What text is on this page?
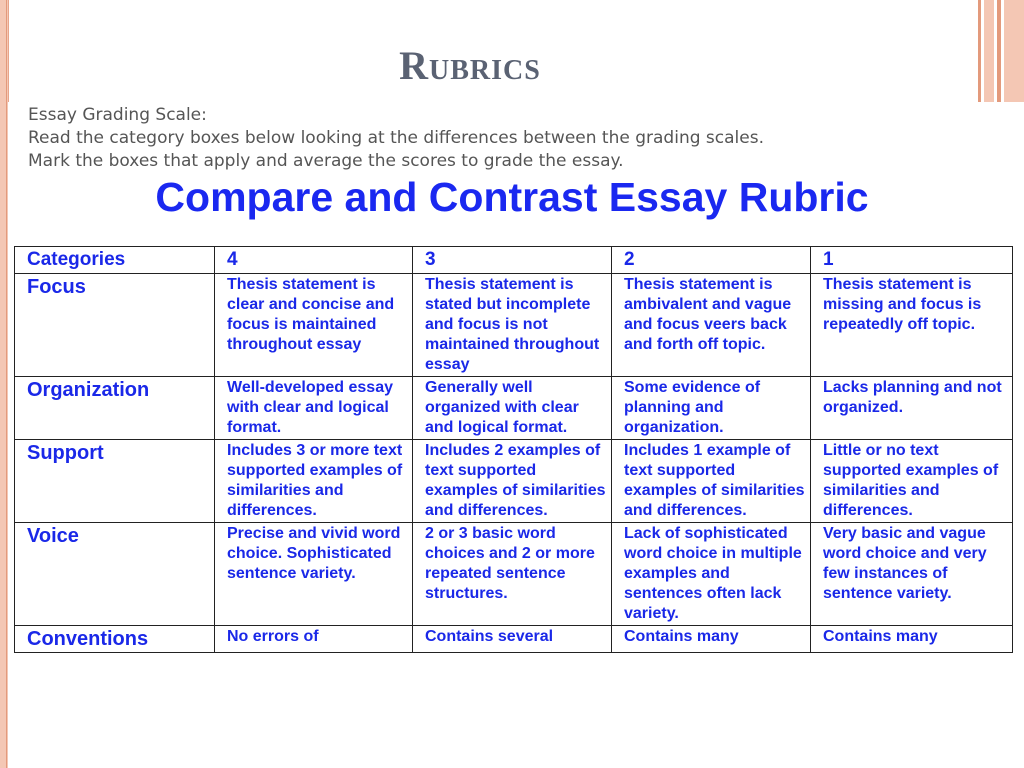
Rubrics
Essay Grading Scale:
Read the category boxes below looking at the differences between the grading scales.
Mark the boxes that apply and average the scores to grade the essay.
Compare and Contrast Essay Rubric
Categories	4	3	2	1
Focus	Thesis statement is clear and concise and focus is maintained throughout essay	Thesis statement is stated but incomplete and focus is not maintained throughout essay	Thesis statement is ambivalent and vague and focus veers back and forth off topic.	Thesis statement is missing and focus is repeatedly off topic.
Organization	Well-developed essay with clear and logical format.	Generally well organized with clear and logical format.	Some evidence of planning and organization.	Lacks planning and not organized.
Support	Includes 3 or more text supported examples of similarities and differences.	Includes 2 examples of text supported examples of similarities and differences.	Includes 1 example of text supported examples of similarities and differences.	Little or no text supported examples of similarities and differences.
Voice	Precise and vivid word choice. Sophisticated sentence variety.	2 or 3 basic word choices and 2 or more repeated sentence structures.	Lack of sophisticated word choice in multiple examples and sentences often lack variety.	Very basic and vague word choice and very few instances of sentence variety.
Conventions	No errors of	Contains several	Contains many	Contains many
